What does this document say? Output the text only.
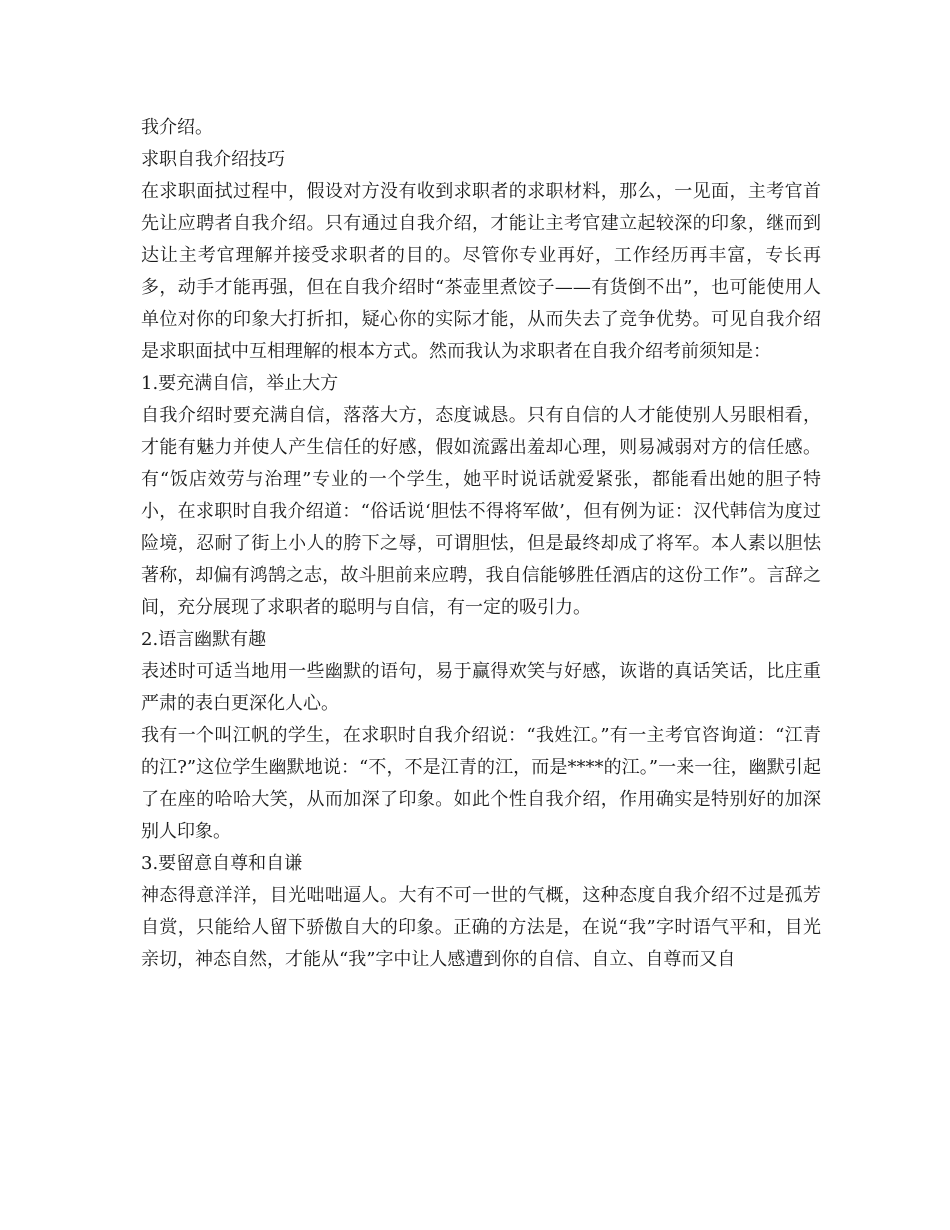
我介绍。

求职自我介绍技巧

在求职面拭过程中，假设对方没有收到求职者的求职材料，那么，一见面，主考官首先让应聘者自我介绍。只有通过自我介绍，才能让主考官建立起较深的印象，继而到达让主考官理解并接受求职者的目的。尽管你专业再好，工作经历再丰富，专长再多，动手才能再强，但在自我介绍时“茶壶里煮饺子——有货倒不出”，也可能使用人单位对你的印象大打折扣，疑心你的实际才能，从而失去了竞争优势。可见自我介绍是求职面拭中互相理解的根本方式。然而我认为求职者在自我介绍考前须知是：

1.要充满自信，举止大方

自我介绍时要充满自信，落落大方，态度诚恳。只有自信的人才能使别人另眼相看，才能有魅力并使人产生信任的好感，假如流露出羞却心理，则易减弱对方的信任感。有“饭店效劳与治理”专业的一个学生，她平时说话就爱紧张，都能看出她的胆子特小，在求职时自我介绍道：“俗话说‘胆怯不得将军做’，但有例为证：汉代韩信为度过险境，忍耐了街上小人的胯下之辱，可谓胆怯，但是最终却成了将军。本人素以胆怯著称，却偏有鸿鹄之志，故斗胆前来应聘，我自信能够胜任酒店的这份工作”。言辞之间，充分展现了求职者的聪明与自信，有一定的吸引力。

2.语言幽默有趣

表述时可适当地用一些幽默的语句，易于赢得欢笑与好感，诙谐的真话笑话，比庄重严肃的表白更深化人心。

我有一个叫江帆的学生，在求职时自我介绍说：“我姓江。”有一主考官咨询道：“江青的江?”这位学生幽默地说：“不，不是江青的江，而是****的江。”一来一往，幽默引起了在座的哈哈大笑，从而加深了印象。如此个性自我介绍，作用确实是特别好的加深别人印象。

3.要留意自尊和自谦

神态得意洋洋，目光咄咄逼人。大有不可一世的气概，这种态度自我介绍不过是孤芳自赏，只能给人留下骄傲自大的印象。正确的方法是，在说“我”字时语气平和，目光亲切，神态自然，才能从“我”字中让人感遭到你的自信、自立、自尊而又自
